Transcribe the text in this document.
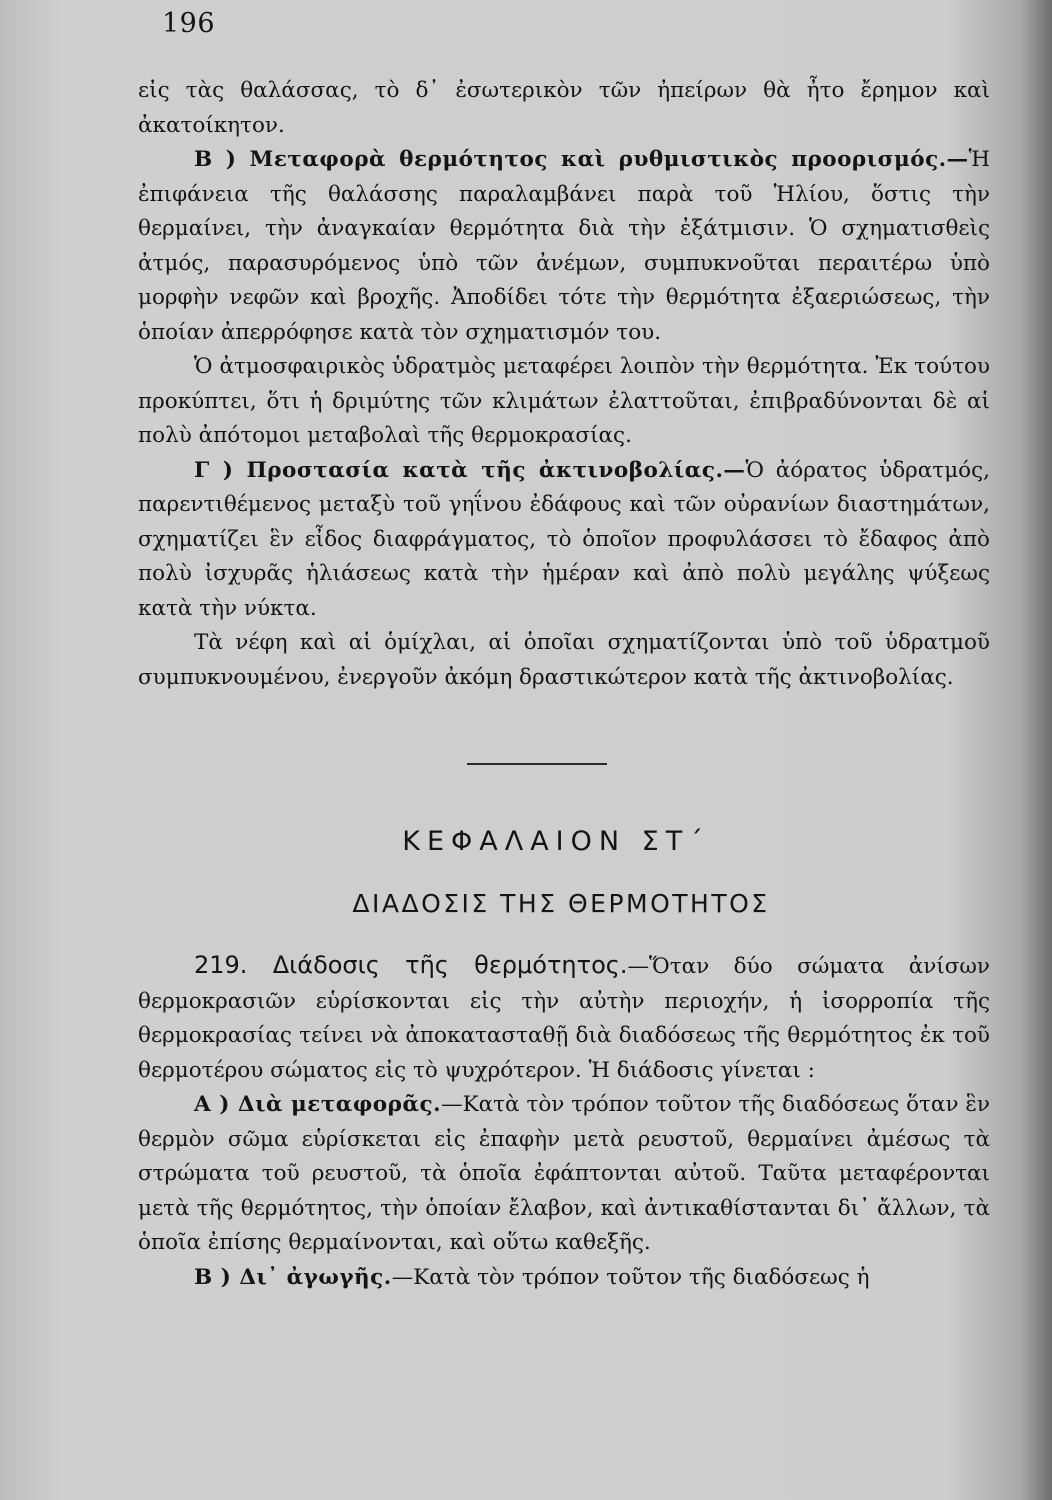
196

εἰς τὰς θαλάσσας, τὸ δ᾽ ἐσωτερικὸν τῶν ἠπείρων θὰ ἦτο ἔρημον καὶ ἀκατοίκητον.

Β ) Μεταφορὰ θερμότητος καὶ ρυθμιστικὸς προορισμός.—Ἡ ἐπιφάνεια τῆς θαλάσσης παραλαμβάνει παρὰ τοῦ Ἡλίου, ὅστις τὴν θερμαίνει, τὴν ἀναγκαίαν θερμότητα διὰ τὴν ἐξάτμισιν. Ὁ σχηματισθεὶς ἀτμός, παρασυρόμενος ὑπὸ τῶν ἀνέμων, συμπυκνοῦται περαιτέρω ὑπὸ μορφὴν νεφῶν καὶ βροχῆς. Ἀποδίδει τότε τὴν θερμότητα ἐξαεριώσεως, τὴν ὁποίαν ἀπερρόφησε κατὰ τὸν σχηματισμόν του.

Ὁ ἀτμοσφαιρικὸς ὑδρατμὸς μεταφέρει λοιπὸν τὴν θερμότητα. Ἐκ τούτου προκύπτει, ὅτι ἡ δριμύτης τῶν κλιμάτων ἐλαττοῦται, ἐπιβραδύνονται δὲ αἱ πολὺ ἀπότομοι μεταβολαὶ τῆς θερμοκρασίας.

Γ ) Προστασία κατὰ τῆς ἀκτινοβολίας.—Ὁ ἀόρατος ὑδρατμός, παρεντιθέμενος μεταξὺ τοῦ γηΐνου ἐδάφους καὶ τῶν οὐρανίων διαστημάτων, σχηματίζει ἓν εἶδος διαφράγματος, τὸ ὁποῖον προφυλάσσει τὸ ἔδαφος ἀπὸ πολὺ ἰσχυρᾶς ἡλιάσεως κατὰ τὴν ἡμέραν καὶ ἀπὸ πολὺ μεγάλης ψύξεως κατὰ τὴν νύκτα.

Τὰ νέφη καὶ αἱ ὁμίχλαι, αἱ ὁποῖαι σχηματίζονται ὑπὸ τοῦ ὑδρατμοῦ συμπυκνουμένου, ἐνεργοῦν ἀκόμη δραστικώτερον κατὰ τῆς ἀκτινοβολίας.

ΚΕΦΑΛΑΙΟΝ ΣΤ΄
ΔΙΑΔΟΣΙΣ ΤΗΣ ΘΕΡΜΟΤΗΤΟΣ

219. Διάδοσις τῆς θερμότητος.—Ὅταν δύο σώματα ἀνίσων θερμοκρασιῶν εὑρίσκονται εἰς τὴν αὐτὴν περιοχήν, ἡ ἰσορροπία τῆς θερμοκρασίας τείνει νὰ ἀποκατασταθῇ διὰ διαδόσεως τῆς θερμότητος ἐκ τοῦ θερμοτέρου σώματος εἰς τὸ ψυχρότερον. Ἡ διάδοσις γίνεται :

Α ) Διὰ μεταφορᾶς.—Κατὰ τὸν τρόπον τοῦτον τῆς διαδόσεως ὅταν ἓν θερμὸν σῶμα εὑρίσκεται εἰς ἐπαφὴν μετὰ ρευστοῦ, θερμαίνει ἀμέσως τὰ στρώματα τοῦ ρευστοῦ, τὰ ὁποῖα ἐφάπτονται αὐτοῦ. Ταῦτα μεταφέρονται μετὰ τῆς θερμότητος, τὴν ὁποίαν ἔλαβον, καὶ ἀντικαθίστανται δι᾽ ἄλλων, τὰ ὁποῖα ἐπίσης θερμαίνονται, καὶ οὕτω καθεξῆς.

Β ) Δι᾽ ἀγωγῆς.—Κατὰ τὸν τρόπον τοῦτον τῆς διαδόσεως ἡ
